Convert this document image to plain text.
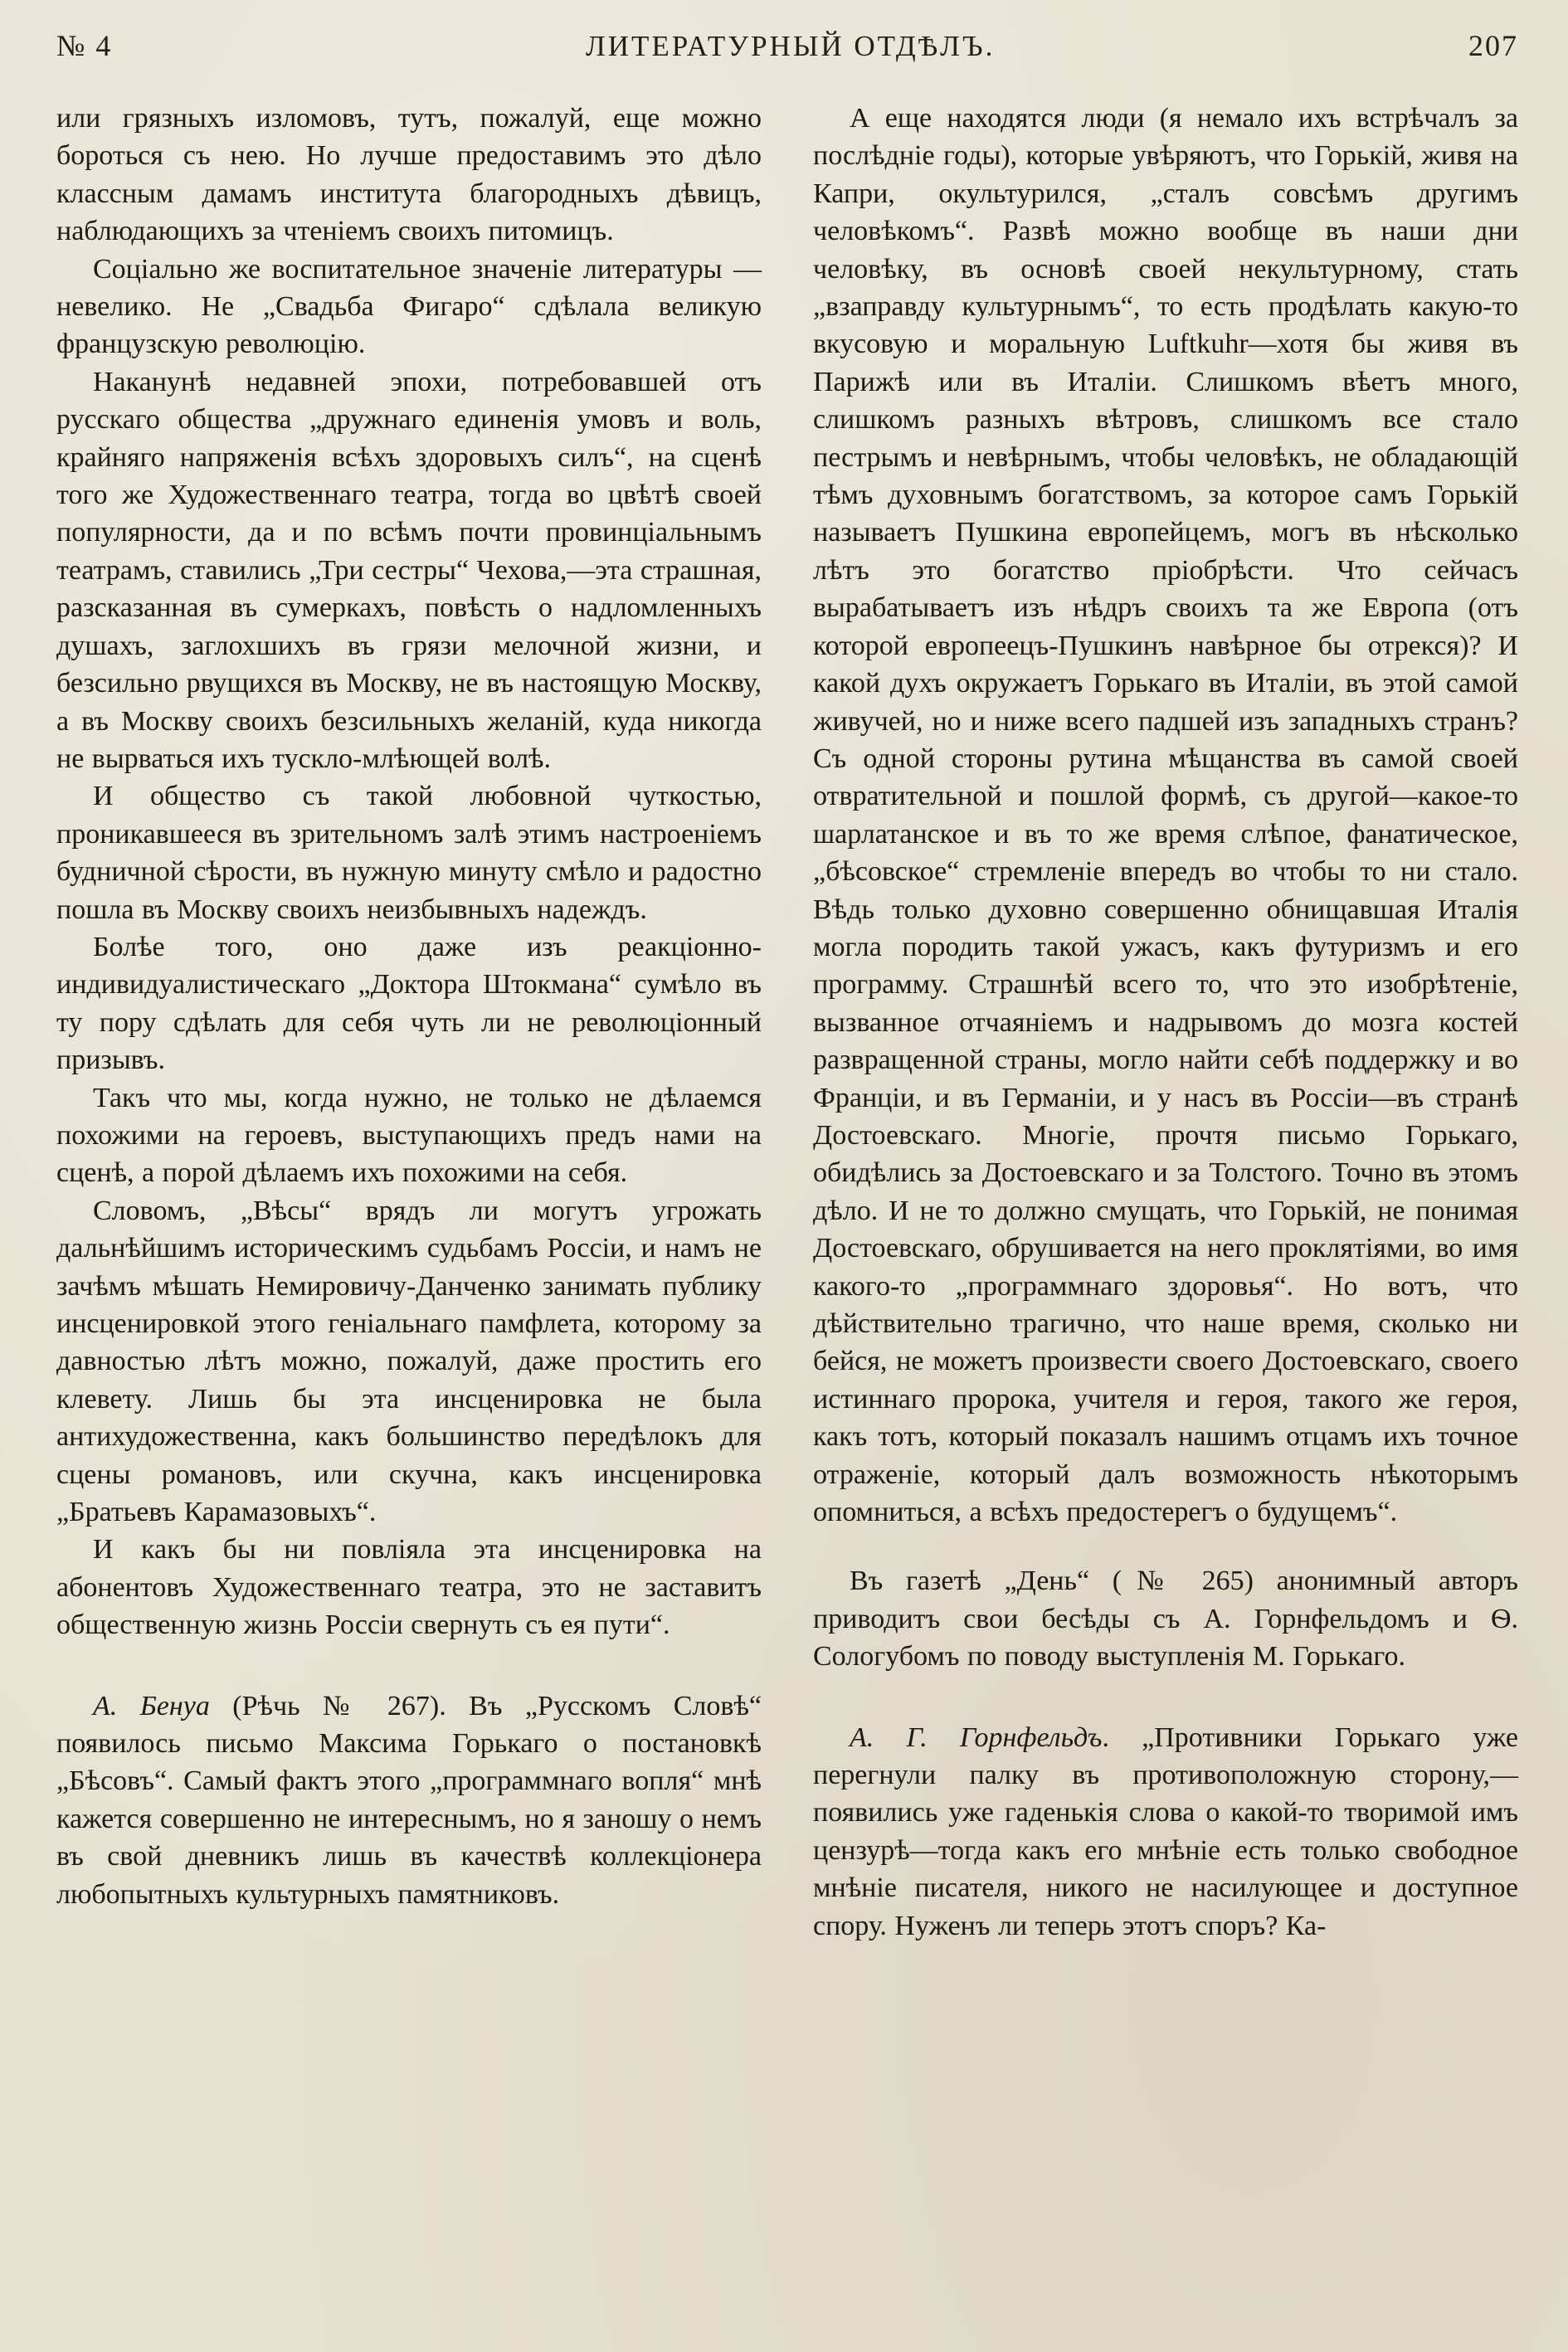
№ 4	ЛИТЕРАТУРНЫЙ ОТДѢЛЪ.	207

или грязныхъ изломовъ, тутъ, пожалуй, еще можно бороться съ нею. Но лучше предоставимъ это дѣло классным дамамъ института благородныхъ дѣвицъ, наблюдающихъ за чтеніемъ своихъ питомицъ.

Соціально же воспитательное значеніе литературы — невелико. Не „Свадьба Фигаро“ сдѣлала великую французскую революцію.

Наканунѣ недавней эпохи, потребовавшей отъ русскаго общества „дружнаго единенія умовъ и воль, крайняго напряженія всѣхъ здоровыхъ силъ“, на сценѣ того же Художественнаго театра, тогда во цвѣтѣ своей популярности, да и по всѣмъ почти провинціальнымъ театрамъ, ставились „Три сестры“ Чехова,—эта страшная, разсказанная въ сумеркахъ, повѣсть о надломленныхъ душахъ, заглохшихъ въ грязи мелочной жизни, и безсильно рвущихся въ Москву, не въ настоящую Москву, а въ Москву своихъ безсильныхъ желаній, куда никогда не вырваться ихъ тускло-млѣющей волѣ.

И общество съ такой любовной чуткостью, проникавшееся въ зрительномъ залѣ этимъ настроеніемъ будничной сѣрости, въ нужную минуту смѣло и радостно пошла въ Москву своихъ неизбывныхъ надеждъ.

Болѣе того, оно даже изъ реакціонно-индивидуалистическаго „Доктора Штокмана“ сумѣло въ ту пору сдѣлать для себя чуть ли не революціонный призывъ.

Такъ что мы, когда нужно, не только не дѣлаемся похожими на героевъ, выступающихъ предъ нами на сценѣ, а порой дѣлаемъ ихъ похожими на себя.

Словомъ, „Вѣсы“ врядъ ли могутъ угрожать дальнѣйшимъ историческимъ судьбамъ Россіи, и намъ не зачѣмъ мѣшать Немировичу-Данченко занимать публику инсценировкой этого геніальнаго памфлета, которому за давностью лѣтъ можно, пожалуй, даже простить его клевету. Лишь бы эта инсценировка не была антихудожественна, какъ большинство передѣлокъ для сцены романовъ, или скучна, какъ инсценировка „Братьевъ Карамазовыхъ“.

И какъ бы ни повліяла эта инсценировка на абонентовъ Художественнаго театра, это не заставитъ общественную жизнь Россіи свернуть съ ея пути“.

А. Бенуа (Рѣчь № 267). Въ „Русскомъ Словѣ“ появилось письмо Максима Горькаго о постановкѣ „Бѣсовъ“. Самый фактъ этого „программнаго вопля“ мнѣ кажется совершенно не интереснымъ, но я заношу о немъ въ свой дневникъ лишь въ качествѣ коллекціонера любопытныхъ культурныхъ памятниковъ.

А еще находятся люди (я немало ихъ встрѣчалъ за послѣдніе годы), которые увѣряютъ, что Горькій, живя на Капри, окультурился, „сталъ совсѣмъ другимъ человѣкомъ“. Развѣ можно вообще въ наши дни человѣку, въ основѣ своей некультурному, стать „взаправду культурнымъ“, то есть продѣлать какую-то вкусовую и моральную Luftkuhr—хотя бы живя въ Парижѣ или въ Италіи. Слишкомъ вѣетъ много, слишкомъ разныхъ вѣтровъ, слишкомъ все стало пестрымъ и невѣрнымъ, чтобы человѣкъ, не обладающій тѣмъ духовнымъ богатствомъ, за которое самъ Горькій называетъ Пушкина европейцемъ, могъ въ нѣсколько лѣтъ это богатство пріобрѣсти. Что сейчасъ вырабатываетъ изъ нѣдръ своихъ та же Европа (отъ которой европеецъ-Пушкинъ навѣрное бы отрекся)? И какой духъ окружаетъ Горькаго въ Италіи, въ этой самой живучей, но и ниже всего падшей изъ западныхъ странъ? Съ одной стороны рутина мѣщанства въ самой своей отвратительной и пошлой формѣ, съ другой—какое-то шарлатанское и въ то же время слѣпое, фанатическое, „бѣсовское“ стремленіе впередъ во чтобы то ни стало. Вѣдь только духовно совершенно обнищавшая Италія могла породить такой ужасъ, какъ футуризмъ и его программу. Страшнѣй всего то, что это изобрѣтеніе, вызванное отчаяніемъ и надрывомъ до мозга костей развращенной страны, могло найти себѣ поддержку и во Франціи, и въ Германіи, и у насъ въ Россіи—въ странѣ Достоевскаго. Многіе, прочтя письмо Горькаго, обидѣлись за Достоевскаго и за Толстого. Точно въ этомъ дѣло. И не то должно смущать, что Горькій, не понимая Достоевскаго, обрушивается на него проклятіями, во имя какого-то „программнаго здоровья“. Но вотъ, что дѣйствительно трагично, что наше время, сколько ни бейся, не можетъ произвести своего Достоевскаго, своего истиннаго пророка, учителя и героя, такого же героя, какъ тотъ, который показалъ нашимъ отцамъ ихъ точное отраженіе, который далъ возможность нѣкоторымъ опомниться, а всѣхъ предостерегъ о будущемъ“.

Въ газетѣ „День“ (№ 265) анонимный авторъ приводитъ свои бесѣды съ А. Горнфельдомъ и Ѳ. Сологубомъ по поводу выступленія М. Горькаго.

А. Г. Горнфельдъ. „Противники Горькаго уже перегнули палку въ противоположную сторону,—появились уже гаденькія слова о какой-то творимой имъ цензурѣ—тогда какъ его мнѣніе есть только свободное мнѣніе писателя, никого не насилующее и доступное спору. Нуженъ ли теперь этотъ споръ? Ка-
